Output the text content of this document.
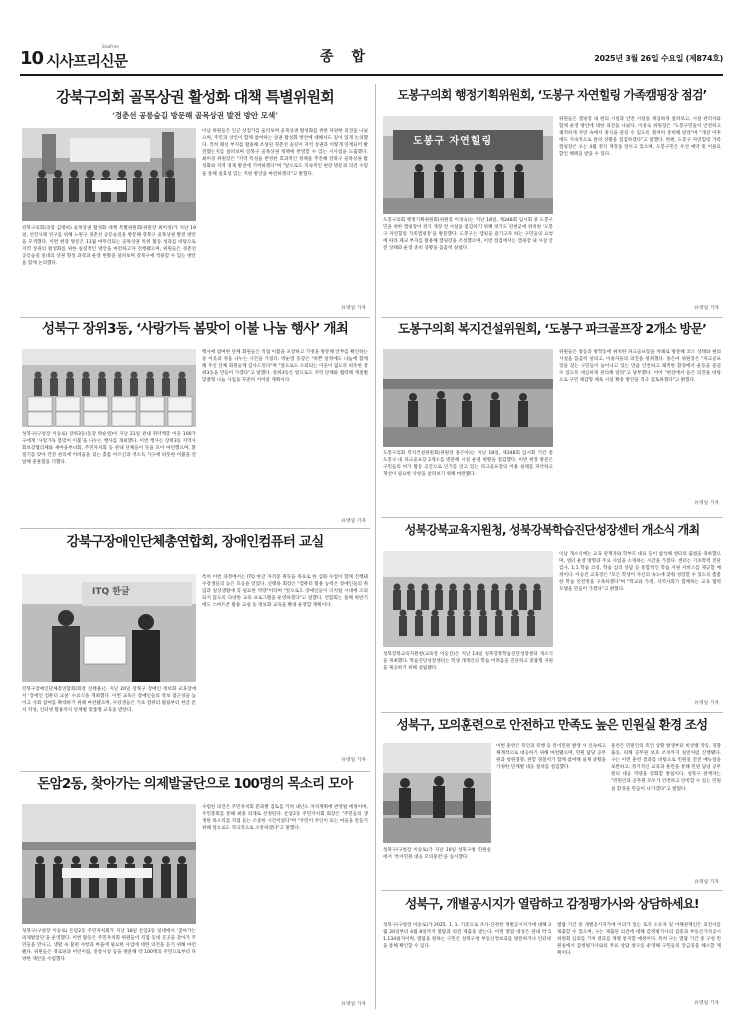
10 시사프리신문
SisaFree
종합	2025년 3월 26일 수요일 (제874호)
강북구의회 골목상권 활성화 대책 특별위원회
‘경춘선 공릉숲길 방문해 골목상권 발전 방안 모색’
강북구의회(의장 김명희) 골목상권 활성화 대책 특별위원회(위원장 최미경)가 지난 19일, 선진사례 연구를 위해 노원구 경춘선 공릉숲길을 방문해 강북구 골목상권 발전 방안을 모색했다. 이번 현장 방문은 11월 마무리되는 골목상권 특위 활동 성과를 바탕으로 지역 상권의 활성화를 위한 실질적인 방안을 마련하고자 진행됐으며, 위원들은 경춘선 공릉숲길 일대의 상권 형성 과정과 운영 현황을 살펴보며 강북구에 적용할 수 있는 방안을 함께 논의했다.
이날 위원들은 인근 상점가를 둘러보며 골목상권 활성화를 위한 다양한 의견을 나눴으며, 주민과 상인이 함께 참여하는 상권 활성화 방안에 대해서도 깊이 있게 논의했다. 특히 폐선 부지를 활용해 조성된 경춘선 숲길이 지역 상권과 어떻게 연계되어 발전했는지를 살펴보며 강북구 골목상권 정책에 반영할 수 있는 시사점을 도출했다. 최미경 위원장은 "지역 특성을 반영한 효과적인 정책을 추진해 강북구 골목상권 활성화와 지역 경제 발전에 기여하겠다"며 "앞으로도 지속적인 현장 방문과 의견 수렴을 통해 실효성 있는 지원 방안을 마련하겠다"고 밝혔다.
유영일 기자
도봉구의회 행정기획위원회, ‘도봉구 자연힐링 가족캠핑장 점검’
도봉구 자연힐링
도봉구의회 행정기획위원회(위원장 이경숙)는 지난 18일, 제348회 임시회 중 도봉구민을 위한 캠핑장이 정식 개장 전 시설을 점검하기 위해 경기도 연천군에 위치한 ‘도봉구 자연힐링 가족캠핑장’을 방문했다. 도봉구는 캠핑을 즐기고자 하는 구민들의 요청에 따라 폐교 부지를 활용해 캠핑장을 조성했으며, 이번 점검에서는 캠핑장 내 시설 안전 상태와 운영 준비 상황을 꼼꼼히 살폈다.
위원들은 캠핑장 내 편의 시설과 안전 시설을 세심하게 살펴보고, 시설 관리자와 함께 운영 방안에 대한 의견을 나눴다. 이경숙 위원장은 "도봉구민들이 안전하고 쾌적하게 자연 속에서 휴식을 즐길 수 있도록 철저히 준비해 달라"며 "개장 이후에도 지속적으로 관리 상황을 점검하겠다"고 말했다. 한편, 도봉구 자연힐링 가족캠핑장은 오는 4월 정식 개장을 앞두고 있으며, 도봉구민은 우선 예약 및 이용료 할인 혜택을 받을 수 있다.
유영일 기자
성북구 장위3동, ‘사랑가득 봄맞이 이불 나눔 행사’ 개최
성북구(구청장 이승로) 장위3동(동장 박순영)이 지난 21일 관내 취약계층 이웃 100가구에게 ‘사랑가득 봄맞이 이불’을 나누는 행사를 개최했다. 이번 행사는 장위3동 지역사회보장협의체와 새마을부녀회, 주민자치회 등 관내 단체들이 뜻을 모아 마련했으며, 환절기를 맞아 건강 관리에 어려움을 겪는 홀몸 어르신과 저소득 가구에 따뜻한 이불을 전달해 훈훈함을 더했다.
행사에 참여한 단체 회원들은 직접 이불을 포장하고 가정을 방문해 안부를 확인하는 등 이웃과 정을 나누는 시간을 가졌다. 박순영 동장은 "바쁜 일정에도 나눔에 함께해 주신 단체 회원들께 감사드린다"며 "앞으로도 소외되는 이웃이 없도록 따뜻한 장위3동을 만들어 가겠다"고 말했다. 장위3동은 앞으로도 지역 단체와 협력해 계절별 맞춤형 나눔 사업을 꾸준히 이어갈 계획이다.
유영일 기자
도봉구의회 복지건설위원회, ‘도봉구 파크골프장 2개소 방문’
도봉구의회 복지건설위원회(위원장 홍은아)는 지난 18일, 제348회 임시회 기간 중 도봉구 내 파크골프장 2개소를 방문해 시설 운영 현황을 점검했다. 이번 현장 방문은 구민들의 여가 활동 공간으로 인기를 얻고 있는 파크골프장의 이용 실태를 파악하고 개선이 필요한 사항을 살펴보기 위해 마련됐다.
위원들은 창동과 방학동에 위치한 파크골프장을 차례로 방문해 코스 상태와 편의 시설을 꼼꼼히 살피고, 이용자들의 의견을 청취했다. 홍은아 위원장은 "파크골프장을 찾는 구민들이 늘어나고 있는 만큼 안전하고 쾌적한 환경에서 운동을 즐길 수 있도록 세심하게 관리해 달라"고 당부했다. 이어 "현장에서 들은 의견을 바탕으로 구민 체감형 체육 시설 확충 방안을 적극 검토하겠다"고 밝혔다.
유영일 기자
강북구장애인단체총연합회, 장애인컴퓨터 교실
ITQ 한글
강북구장애인단체총연합회(회장 신태용)는 지난 20일 강북구 장애인 정보화 교육장에서 ‘장애인 컴퓨터 교실’ 수료식을 개최했다. 이번 교육은 장애인들의 정보 접근성을 높이고 사회 참여를 확대하기 위해 마련됐으며, 수강생들은 기초 컴퓨터 활용부터 한글 문서 작성, 인터넷 활용까지 단계별 맞춤형 교육을 받았다.
특히 이번 과정에서는 ITQ 한글 자격증 취득을 목표로 한 심화 수업이 함께 진행돼 수강생들의 높은 호응을 얻었다. 신태용 회장은 "컴퓨터 활용 능력은 장애인들의 취업과 일상생활에 꼭 필요한 역량"이라며 "앞으로도 장애인들이 디지털 시대에 소외되지 않도록 다양한 교육 프로그램을 운영하겠다"고 말했다. 연합회는 올해 하반기에도 스마트폰 활용 교실 등 정보화 교육을 확대 운영할 계획이다.
유영일 기자
성북강북교육지원청, 성북강북학습진단성장센터 개소식 개최
성북강북교육지원청(교육장 이승진)은 지난 14일 성북강북학습진단성장센터 개소식을 개최했다. 학습진단성장센터는 학생 개개인의 학습 어려움을 진단하고 맞춤형 지원을 제공하기 위해 설립됐다.
이날 개소식에는 교육 관계자와 학부모 대표 등이 참석해 센터의 출범을 축하했으며, 센터 운영 방향과 주요 사업을 소개하는 시간을 가졌다. 센터는 기초학력 진단 검사, 1:1 학습 코칭, 학습 심리 상담 등 통합적인 학습 지원 서비스를 제공할 예정이다. 이승진 교육장은 "모든 학생이 자신의 속도에 맞춰 성장할 수 있도록 촘촘한 학습 안전망을 구축하겠다"며 "학교와 가정, 지역사회가 함께하는 교육 협력 모델을 만들어 가겠다"고 밝혔다.
유영일 기자
돈암2동, 찾아가는 의제발굴단으로 100명의 목소리 모아
성북구(구청장 이승로) 돈암2동 주민자치회가 지난 18일 돈암2동 일대에서 ‘찾아가는 의제발굴단’을 운영했다. 이번 활동은 주민자치회 위원들이 직접 동네 곳곳을 찾아가 주민들을 만나고, 생활 속 불편 사항과 마을에 필요한 사업에 대한 의견을 듣기 위해 마련됐다. 위원들은 경로당과 어린이집, 전통시장 등을 방문해 약 100명의 주민으로부터 다양한 제안을 수렴했다.
수렴된 의견은 주민자치회 분과별 검토를 거쳐 내년도 자치계획에 반영될 예정이며, 주민총회를 통해 최종 의제로 선정된다. 돈암2동 주민자치회 회장은 "주민들의 생생한 목소리를 직접 듣는 소중한 시간이었다"며 "주민이 주인이 되는 마을을 만들기 위해 앞으로도 적극적으로 소통하겠다"고 말했다.
유영일 기자
성북구, 모의훈련으로 안전하고 만족도 높은 민원실 환경 조성
성북구(구청장 이승로)가 지난 10일 성북구청 민원실에서 ‘특이민원 대응 모의훈련’을 실시했다.
이번 훈련은 폭언과 폭행 등 특이민원 발생 시 신속하고 체계적으로 대응하기 위해 마련됐으며, 민원 담당 공무원과 청원경찰, 관할 경찰서가 함께 참여해 실제 상황을 가정한 단계별 대응 절차를 점검했다.
훈련은 민원인의 폭언 상황 발생부터 비상벨 작동, 경찰 출동, 피해 공무원 보호 조치까지 실전처럼 진행됐다. 구는 이번 훈련 결과를 바탕으로 민원실 안전 매뉴얼을 보완하고, 정기적인 교육과 훈련을 통해 민원 담당 공무원의 대응 역량을 강화할 방침이다. 성북구 관계자는 "민원인과 공무원 모두가 안전하고 만족할 수 있는 민원실 환경을 만들어 나가겠다"고 밝혔다.
유영일 기자
성북구, 개별공시지가 열람하고 감정평가사와 상담하세요!
성북구(구청장 이승로)가 2025. 1. 1. 기준으로 조사·산정한 개별공시지가에 대해 3월 20일부터 4월 8일까지 열람과 의견 제출을 받는다. 이번 열람 대상은 관내 약 51,134필지이며, 열람을 원하는 구민은 성북구청 부동산정보과를 방문하거나 인터넷을 통해 확인할 수 있다.
열람 기간 중 개별공시지가에 이의가 있는 토지 소유자 및 이해관계인은 의견서를 제출할 수 있으며, 구는 제출된 의견에 대해 감정평가사의 검증과 부동산가격공시위원회 심의를 거쳐 결과를 개별 통지할 예정이다. 특히 구는 열람 기간 중 구청 민원실에서 감정평가사와의 무료 상담 창구를 운영해 구민들의 궁금증을 해소할 계획이다.
유영일 기자
